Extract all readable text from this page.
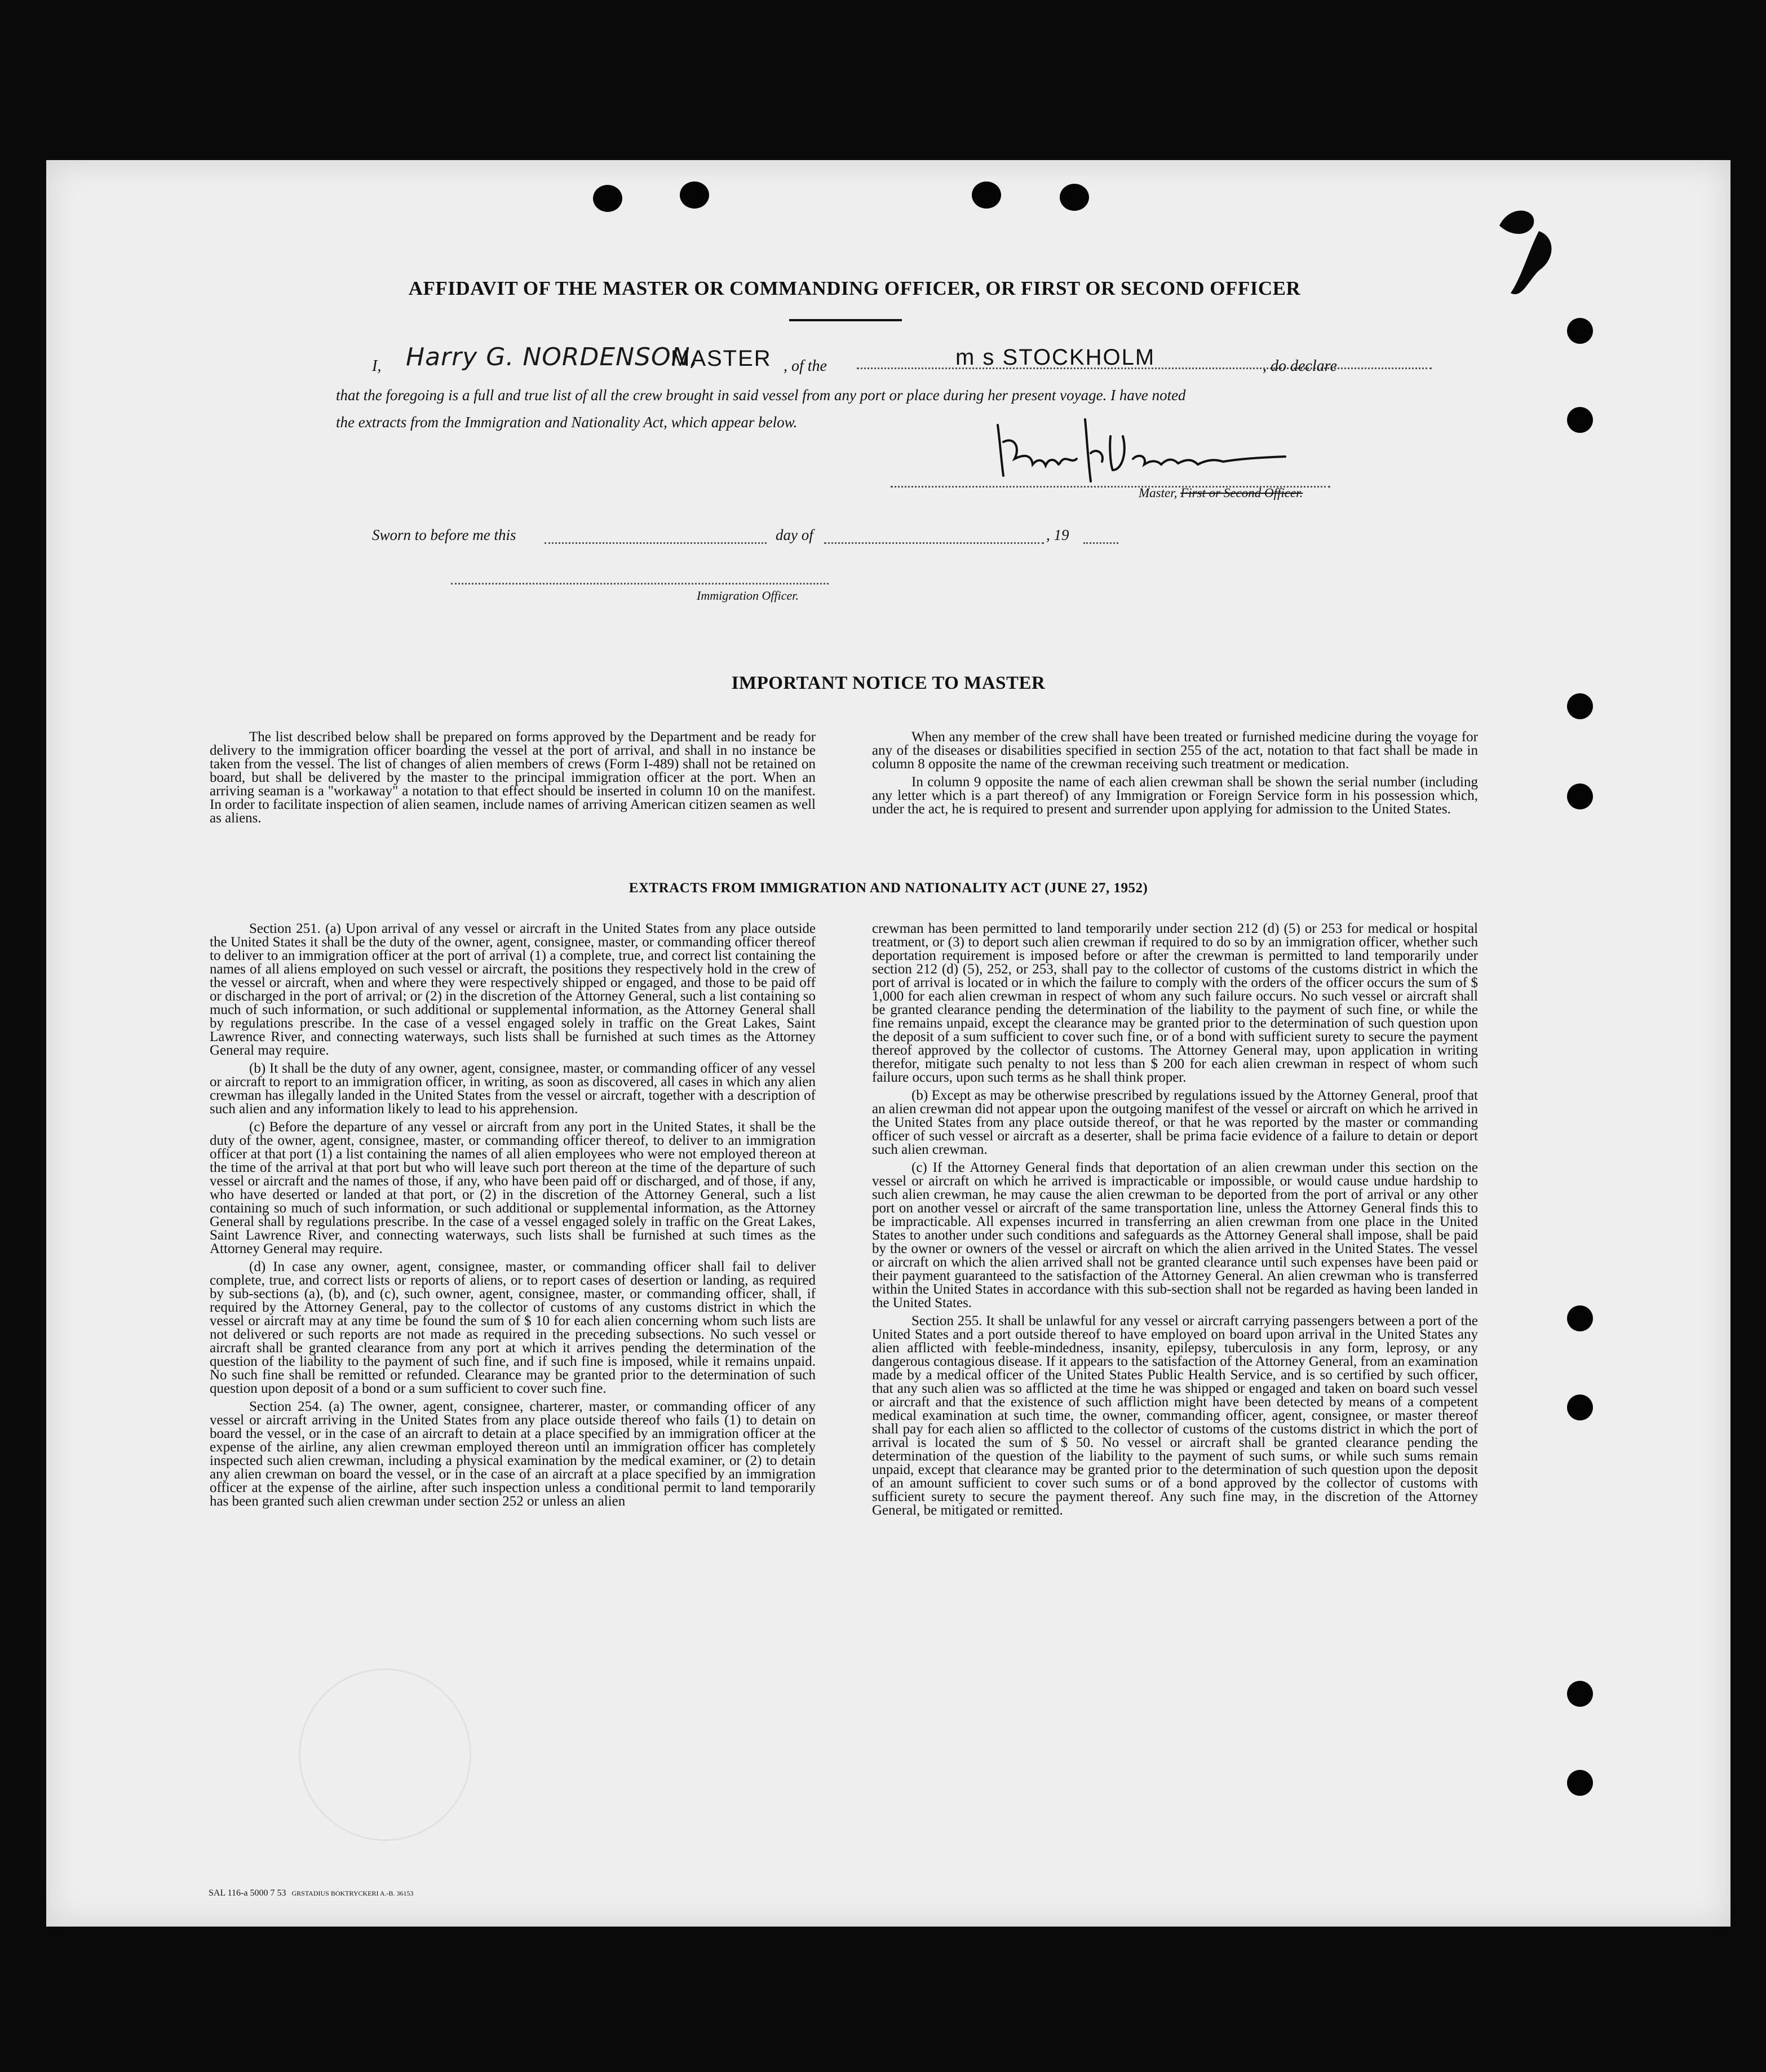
AFFIDAVIT OF THE MASTER OR COMMANDING OFFICER, OR FIRST OR SECOND OFFICER
I, Harry G. NORDENSON,
MASTER , of the	m s STOCKHOLM	, do declare
that the foregoing is a full and true list of all the crew brought in said vessel from any port or place during her present voyage. I have noted
the extracts from the Immigration and Nationality Act, which appear below.
Master, First or Second Officer.
Sworn to before me this	day of	, 19
Immigration Officer.
IMPORTANT NOTICE TO MASTER

The list described below shall be prepared on forms approved by the Department and be ready for delivery to the immigration officer boarding the vessel at the port of arrival, and shall in no instance be taken from the vessel. The list of changes of alien members of crews (Form I-489) shall not be retained on board, but shall be delivered by the master to the principal immigration officer at the port. When an arriving seaman is a "workaway" a notation to that effect should be inserted in column 10 on the manifest. In order to facilitate inspection of alien seamen, include names of arriving American citizen seamen as well as aliens.

When any member of the crew shall have been treated or furnished medicine during the voyage for any of the diseases or disabilities specified in section 255 of the act, notation to that fact shall be made in column 8 opposite the name of the crewman receiving such treatment or medication.

In column 9 opposite the name of each alien crewman shall be shown the serial number (including any letter which is a part thereof) of any Immigration or Foreign Service form in his possession which, under the act, he is required to present and surrender upon applying for admission to the United States.

EXTRACTS FROM IMMIGRATION AND NATIONALITY ACT (JUNE 27, 1952)

Section 251. (a) Upon arrival of any vessel or aircraft in the United States from any place outside the United States it shall be the duty of the owner, agent, consignee, master, or commanding officer thereof to deliver to an immigration officer at the port of arrival (1) a complete, true, and correct list containing the names of all aliens employed on such vessel or aircraft, the positions they respectively hold in the crew of the vessel or aircraft, when and where they were respectively shipped or engaged, and those to be paid off or discharged in the port of arrival; or (2) in the discretion of the Attorney General, such a list containing so much of such information, or such additional or supplemental information, as the Attorney General shall by regulations prescribe. In the case of a vessel engaged solely in traffic on the Great Lakes, Saint Lawrence River, and connecting waterways, such lists shall be furnished at such times as the Attorney General may require.

(b) It shall be the duty of any owner, agent, consignee, master, or commanding officer of any vessel or aircraft to report to an immigration officer, in writing, as soon as discovered, all cases in which any alien crewman has illegally landed in the United States from the vessel or aircraft, together with a description of such alien and any information likely to lead to his apprehension.

(c) Before the departure of any vessel or aircraft from any port in the United States, it shall be the duty of the owner, agent, consignee, master, or commanding officer thereof, to deliver to an immigration officer at that port (1) a list containing the names of all alien employees who were not employed thereon at the time of the arrival at that port but who will leave such port thereon at the time of the departure of such vessel or aircraft and the names of those, if any, who have been paid off or discharged, and of those, if any, who have deserted or landed at that port, or (2) in the discretion of the Attorney General, such a list containing so much of such information, or such additional or supplemental information, as the Attorney General shall by regulations prescribe. In the case of a vessel engaged solely in traffic on the Great Lakes, Saint Lawrence River, and connecting waterways, such lists shall be furnished at such times as the Attorney General may require.

(d) In case any owner, agent, consignee, master, or commanding officer shall fail to deliver complete, true, and correct lists or reports of aliens, or to report cases of desertion or landing, as required by sub-sections (a), (b), and (c), such owner, agent, consignee, master, or commanding officer, shall, if required by the Attorney General, pay to the collector of customs of any customs district in which the vessel or aircraft may at any time be found the sum of $ 10 for each alien concerning whom such lists are not delivered or such reports are not made as required in the preceding subsections. No such vessel or aircraft shall be granted clearance from any port at which it arrives pending the determination of the question of the liability to the payment of such fine, and if such fine is imposed, while it remains unpaid. No such fine shall be remitted or refunded. Clearance may be granted prior to the determination of such question upon deposit of a bond or a sum sufficient to cover such fine.

Section 254. (a) The owner, agent, consignee, charterer, master, or commanding officer of any vessel or aircraft arriving in the United States from any place outside thereof who fails (1) to detain on board the vessel, or in the case of an aircraft to detain at a place specified by an immigration officer at the expense of the airline, any alien crewman employed thereon until an immigration officer has completely inspected such alien crewman, including a physical examination by the medical examiner, or (2) to detain any alien crewman on board the vessel, or in the case of an aircraft at a place specified by an immigration officer at the expense of the airline, after such inspection unless a conditional permit to land temporarily has been granted such alien crewman under section 252 or unless an alien

crewman has been permitted to land temporarily under section 212 (d) (5) or 253 for medical or hospital treatment, or (3) to deport such alien crewman if required to do so by an immigration officer, whether such deportation requirement is imposed before or after the crewman is permitted to land temporarily under section 212 (d) (5), 252, or 253, shall pay to the collector of customs of the customs district in which the port of arrival is located or in which the failure to comply with the orders of the officer occurs the sum of $ 1,000 for each alien crewman in respect of whom any such failure occurs. No such vessel or aircraft shall be granted clearance pending the determination of the liability to the payment of such fine, or while the fine remains unpaid, except the clearance may be granted prior to the determination of such question upon the deposit of a sum sufficient to cover such fine, or of a bond with sufficient surety to secure the payment thereof approved by the collector of customs. The Attorney General may, upon application in writing therefor, mitigate such penalty to not less than $ 200 for each alien crewman in respect of whom such failure occurs, upon such terms as he shall think proper.

(b) Except as may be otherwise prescribed by regulations issued by the Attorney General, proof that an alien crewman did not appear upon the outgoing manifest of the vessel or aircraft on which he arrived in the United States from any place outside thereof, or that he was reported by the master or commanding officer of such vessel or aircraft as a deserter, shall be prima facie evidence of a failure to detain or deport such alien crewman.

(c) If the Attorney General finds that deportation of an alien crewman under this section on the vessel or aircraft on which he arrived is impracticable or impossible, or would cause undue hardship to such alien crewman, he may cause the alien crewman to be deported from the port of arrival or any other port on another vessel or aircraft of the same transportation line, unless the Attorney General finds this to be impracticable. All expenses incurred in transferring an alien crewman from one place in the United States to another under such conditions and safeguards as the Attorney General shall impose, shall be paid by the owner or owners of the vessel or aircraft on which the alien arrived in the United States. The vessel or aircraft on which the alien arrived shall not be granted clearance until such expenses have been paid or their payment guaranteed to the satisfaction of the Attorney General. An alien crewman who is transferred within the United States in accordance with this sub-section shall not be regarded as having been landed in the United States.

Section 255. It shall be unlawful for any vessel or aircraft carrying passengers between a port of the United States and a port outside thereof to have employed on board upon arrival in the United States any alien afflicted with feeble-mindedness, insanity, epilepsy, tuberculosis in any form, leprosy, or any dangerous contagious disease. If it appears to the satisfaction of the Attorney General, from an examination made by a medical officer of the United States Public Health Service, and is so certified by such officer, that any such alien was so afflicted at the time he was shipped or engaged and taken on board such vessel or aircraft and that the existence of such affliction might have been detected by means of a competent medical examination at such time, the owner, commanding officer, agent, consignee, or master thereof shall pay for each alien so afflicted to the collector of customs of the customs district in which the port of arrival is located the sum of $ 50. No vessel or aircraft shall be granted clearance pending the determination of the question of the liability to the payment of such sums, or while such sums remain unpaid, except that clearance may be granted prior to the determination of such question upon the deposit of an amount sufficient to cover such sums or of a bond approved by the collector of customs with sufficient surety to secure the payment thereof. Any such fine may, in the discretion of the Attorney General, be mitigated or remitted.

SAL 116-a 5000 7 53 GRSTADIUS BOKTRYCKERI A.-B. 36153
